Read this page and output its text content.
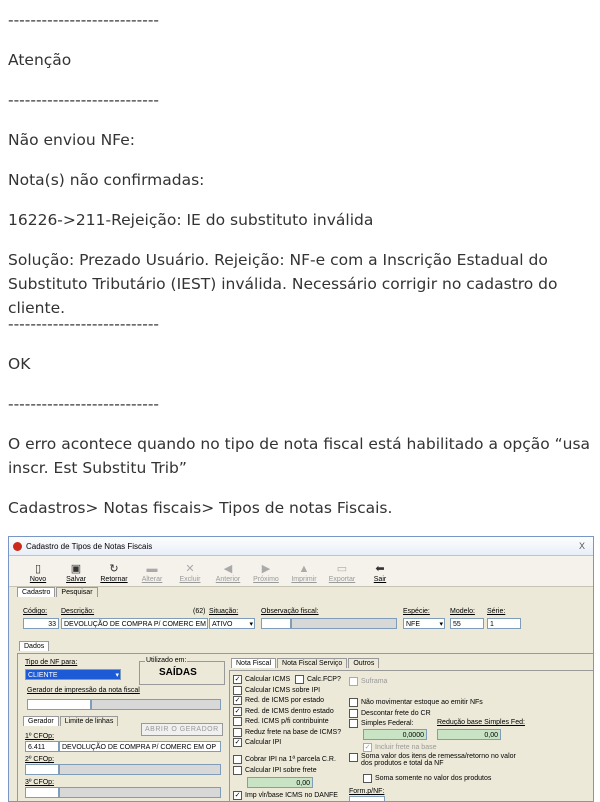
---------------------------

Atenção

---------------------------

Não enviou NFe:

Nota(s) não confirmadas:

16226->211-Rejeição: IE do substituto inválida

Solução: Prezado Usuário. Rejeição: NF-e com a Inscrição Estadual do Substituto Tributário (IEST) inválida. Necessário corrigir no cadastro do cliente.

---------------------------

OK

---------------------------

O erro acontece quando no tipo de nota fiscal está habilitado a opção “usa inscr. Est Substitu Trib”

Cadastros> Notas fiscais> Tipos de notas Fiscais.

Cadastro de Tipos de Notas Fiscais	X
▯
Novo
▣
Salvar
↻
Retornar
▬
Alterar
✕
Excluir
◀
Anterior
▶
Próximo
▲
Imprimir
▭
Exportar
⬅
Sair
Cadastro	Pesquisar
Código:
33
Descrição:	(62)
DEVOLUÇÃO DE COMPRA P/ COMERC EM
Situação:
ATIVO ▾
Observação fiscal:	Espécie:
NFE ▾
Modelo:
55
Série:
1
Dados
Tipo de NF para:
CLIENTE ▾
Utilizado em:
SAÍDAS
Gerador de impressão da nota fiscal
Gerador	Limite de linhas
ABRIR O GERADOR
1º CFOp:
6.411	DEVOLUÇÃO DE COMPRA P/ COMERC EM OP
2º CFOp:
3º CFOp:
Nota Fiscal	Nota Fiscal Serviço	Outros
✓ Calcular ICMS
Calcular ICMS sobre IPI
✓ Red. de ICMS por estado
✓ Red. de ICMS dentro estado
Red. ICMS p/fi contribuinte
Reduz frete na base de ICMS?
✓ Calcular IPI
Calc.FCP?	Suframa
Não movimentar estoque ao emitir NFs
Descontar frete do CR
Simples Federal:	Redução base Simples Fed:
0,0000	0,00
✓ Incluir frete na base
Cobrar IPI na 1ª parcela C.R.
Calcular IPI sobre frete
0,00
✓ Imp vlr/base ICMS no DANFE
Soma valor dos itens de remessa/retorno no valor dos produtos e total da NF
Soma somente no valor dos produtos
Form.p/NF:
